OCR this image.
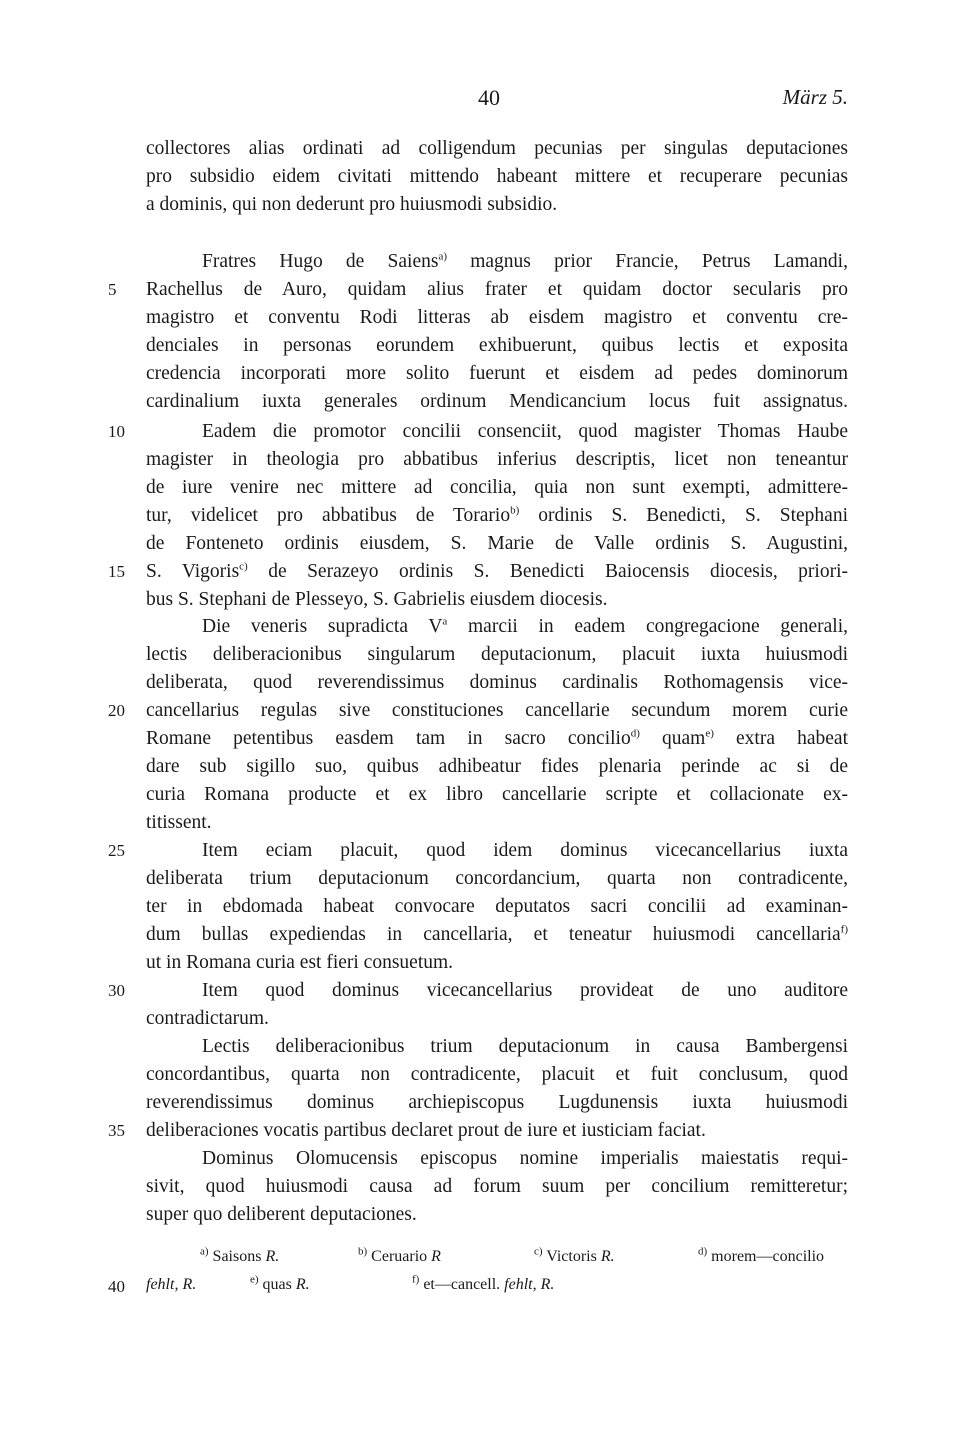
40	März 5.
collectores alias ordinati ad colligendum pecunias per singulas deputaciones
pro subsidio eidem civitati mittendo habeant mittere et recuperare pecunias
a dominis, qui non dederunt pro huiusmodi subsidio.
Fratres Hugo de Saiens$^{a)}$ magnus prior Francie, Petrus Lamandi,
Rachellus de Auro, quidam alius frater et quidam doctor secularis pro
magistro et conventu Rodi litteras ab eisdem magistro et conventu cre-
denciales in personas eorundem exhibuerunt, quibus lectis et exposita
credencia incorporati more solito fuerunt et eisdem ad pedes dominorum
cardinalium iuxta generales ordinum Mendicancium locus fuit assignatus.
Eadem die promotor concilii consenciit, quod magister Thomas Haube
magister in theologia pro abbatibus inferius descriptis, licet non teneantur
de iure venire nec mittere ad concilia, quia non sunt exempti, admittere-
tur, videlicet pro abbatibus de Torario$^{b)}$ ordinis S. Benedicti, S. Stephani
de Fonteneto ordinis eiusdem, S. Marie de Valle ordinis S. Augustini,
S. Vigoris$^{c)}$ de Serazeyo ordinis S. Benedicti Baiocensis diocesis, priori-
bus S. Stephani de Plesseyo, S. Gabrielis eiusdem diocesis.
Die veneris supradicta $V^a$ marcii in eadem congregacione generali,
lectis deliberacionibus singularum deputacionum, placuit iuxta huiusmodi
deliberata, quod reverendissimus dominus cardinalis Rothomagensis vice-
cancellarius regulas sive constituciones cancellarie secundum morem curie
Romane petentibus easdem tam in sacro concilio$^{d)}$ quam$^{e)}$ extra habeat
dare sub sigillo suo, quibus adhibeatur fides plenaria perinde ac si de
curia Romana producte et ex libro cancellarie scripte et collacionate ex-
titissent.
Item eciam placuit, quod idem dominus vicecancellarius iuxta
deliberata trium deputacionum concordancium, quarta non contradicente,
ter in ebdomada habeat convocare deputatos sacri concilii ad examinan-
dum bullas expediendas in cancellaria, et teneatur huiusmodi cancellaria$^{f)}$
ut in Romana curia est fieri consuetum.
Item quod dominus vicecancellarius provideat de uno auditore
contradictarum.
Lectis deliberacionibus trium deputacionum in causa Bambergensi
concordantibus, quarta non contradicente, placuit et fuit conclusum, quod
reverendissimus dominus archiepiscopus Lugdunensis iuxta huiusmodi
deliberaciones vocatis partibus declaret prout de iure et iusticiam faciat.
Dominus Olomucensis episcopus nomine imperialis maiestatis requi-
sivit, quod huiusmodi causa ad forum suum per concilium remitteretur;
super quo deliberent deputaciones.
5
10
15
20
25
30
35
40
$^{a)}$ Saisons R.	$^{b)}$ Ceruario R	$^{c)}$ Victoris R.	$^{d)}$ morem—concilio
fehlt, R.	$^{e)}$ quas R.	$^{f)}$ et—cancell. fehlt, R.
